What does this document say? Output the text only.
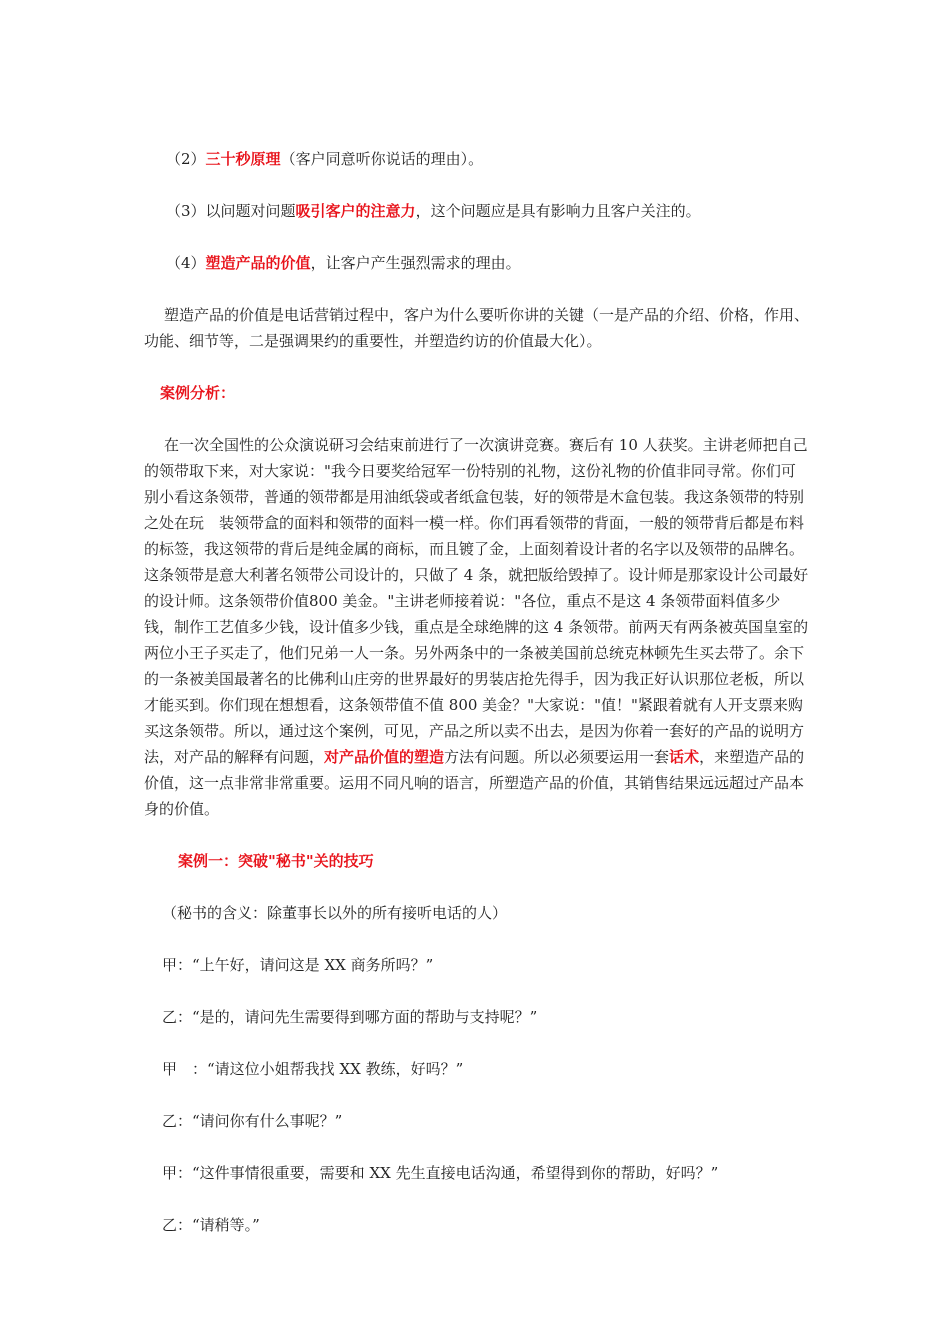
（2）三十秒原理（客户同意听你说话的理由）。

（3）以问题对问题吸引客户的注意力，这个问题应是具有影响力且客户关注的。

（4）塑造产品的价值，让客户产生强烈需求的理由。

塑造产品的价值是电话营销过程中，客户为什么要听你讲的关键（一是产品的介绍、价格，作用、功能、细节等，二是强调果约的重要性，并塑造约访的价值最大化）。

案例分析：

在一次全国性的公众演说研习会结束前进行了一次演讲竞赛。赛后有 10 人获奖。主讲老师把自己的领带取下来，对大家说："我今日要奖给冠军一份特别的礼物，这份礼物的价值非同寻常。你们可别小看这条领带，普通的领带都是用油纸袋或者纸盒包装，好的领带是木盒包装。我这条领带的特别之处在玩　装领带盒的面料和领带的面料一模一样。你们再看领带的背面，一般的领带背后都是布料的标签，我这领带的背后是纯金属的商标，而且镀了金，上面刻着设计者的名字以及领带的品牌名。这条领带是意大利著名领带公司设计的，只做了 4 条，就把版给毁掉了。设计师是那家设计公司最好的设计师。这条领带价值800 美金。"主讲老师接着说："各位，重点不是这 4 条领带面料值多少钱，制作工艺值多少钱，设计值多少钱，重点是全球绝牌的这 4 条领带。前两天有两条被英国皇室的两位小王子买走了，他们兄弟一人一条。另外两条中的一条被美国前总统克林顿先生买去带了。余下的一条被美国最著名的比佛利山庄旁的世界最好的男装店抢先得手，因为我正好认识那位老板，所以才能买到。你们现在想想看，这条领带值不值 800 美金？"大家说："值！"紧跟着就有人开支票来购买这条领带。所以，通过这个案例，可见，产品之所以卖不出去，是因为你着一套好的产品的说明方法，对产品的解释有问题，对产品价值的塑造方法有问题。所以必须要运用一套话术，来塑造产品的价值，这一点非常非常重要。运用不同凡响的语言，所塑造产品的价值，其销售结果远远超过产品本身的价值。

案例一：突破"秘书"关的技巧

（秘书的含义：除董事长以外的所有接听电话的人）

甲：“上午好，请问这是 XX 商务所吗？”

乙：“是的，请问先生需要得到哪方面的帮助与支持呢？”

甲　：“请这位小姐帮我找 XX 教练，好吗？”

乙：“请问你有什么事呢？”

甲：“这件事情很重要，需要和 XX 先生直接电话沟通，希望得到你的帮助，好吗？”

乙：“请稍等。”
